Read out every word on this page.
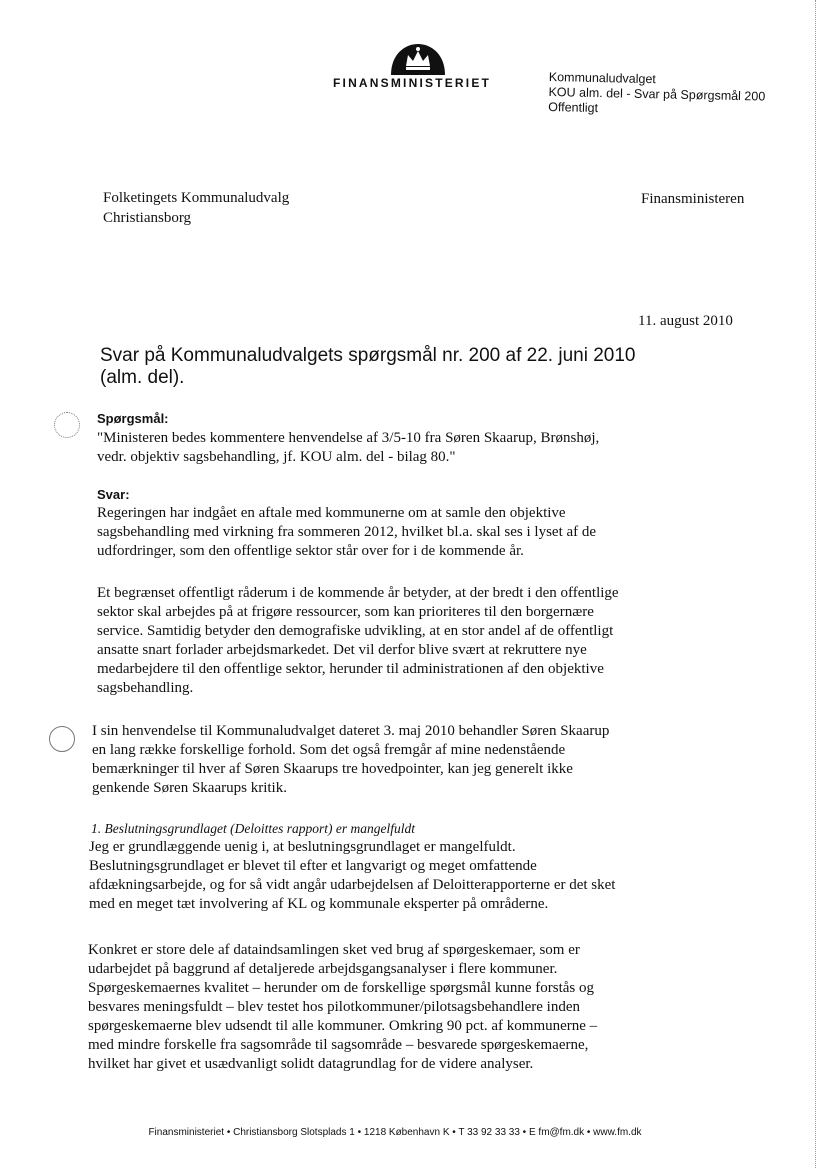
FINANSMINISTERIET	Kommunaludvalget
KOU alm. del - Svar på Spørgsmål 200
Offentligt
Folketingets Kommunaludvalg
Christiansborg
Finansministeren
11. august 2010
Svar på Kommunaludvalgets spørgsmål nr. 200 af 22. juni 2010
(alm. del).
Spørgsmål:
"Ministeren bedes kommentere henvendelse af 3/5-10 fra Søren Skaarup, Brønshøj, vedr. objektiv sagsbehandling, jf. KOU alm. del - bilag 80."
Svar:
Regeringen har indgået en aftale med kommunerne om at samle den objektive sagsbehandling med virkning fra sommeren 2012, hvilket bl.a. skal ses i lyset af de udfordringer, som den offentlige sektor står over for i de kommende år.
Et begrænset offentligt råderum i de kommende år betyder, at der bredt i den offentlige sektor skal arbejdes på at frigøre ressourcer, som kan prioriteres til den borgernære service. Samtidig betyder den demografiske udvikling, at en stor andel af de offentligt ansatte snart forlader arbejdsmarkedet. Det vil derfor blive svært at rekruttere nye medarbejdere til den offentlige sektor, herunder til administrationen af den objektive sagsbehandling.
I sin henvendelse til Kommunaludvalget dateret 3. maj 2010 behandler Søren Skaarup en lang række forskellige forhold. Som det også fremgår af mine nedenstående bemærkninger til hver af Søren Skaarups tre hovedpointer, kan jeg generelt ikke genkende Søren Skaarups kritik.
1. Beslutningsgrundlaget (Deloittes rapport) er mangelfuldt
Jeg er grundlæggende uenig i, at beslutningsgrundlaget er mangelfuldt. Beslutningsgrundlaget er blevet til efter et langvarigt og meget omfattende afdækningsarbejde, og for så vidt angår udarbejdelsen af Deloitterapporterne er det sket med en meget tæt involvering af KL og kommunale eksperter på områderne.
Konkret er store dele af dataindsamlingen sket ved brug af spørgeskemaer, som er udarbejdet på baggrund af detaljerede arbejdsgangsanalyser i flere kommuner. Spørgeskemaernes kvalitet – herunder om de forskellige spørgsmål kunne forstås og besvares meningsfuldt – blev testet hos pilotkommuner/pilotsagsbehandlere inden spørgeskemaerne blev udsendt til alle kommuner. Omkring 90 pct. af kommunerne – med mindre forskelle fra sagsområde til sagsområde – besvarede spørgeskemaerne, hvilket har givet et usædvanligt solidt datagrundlag for de videre analyser.
Finansministeriet • Christiansborg Slotsplads 1 • 1218 København K • T 33 92 33 33 • E fm@fm.dk • www.fm.dk
